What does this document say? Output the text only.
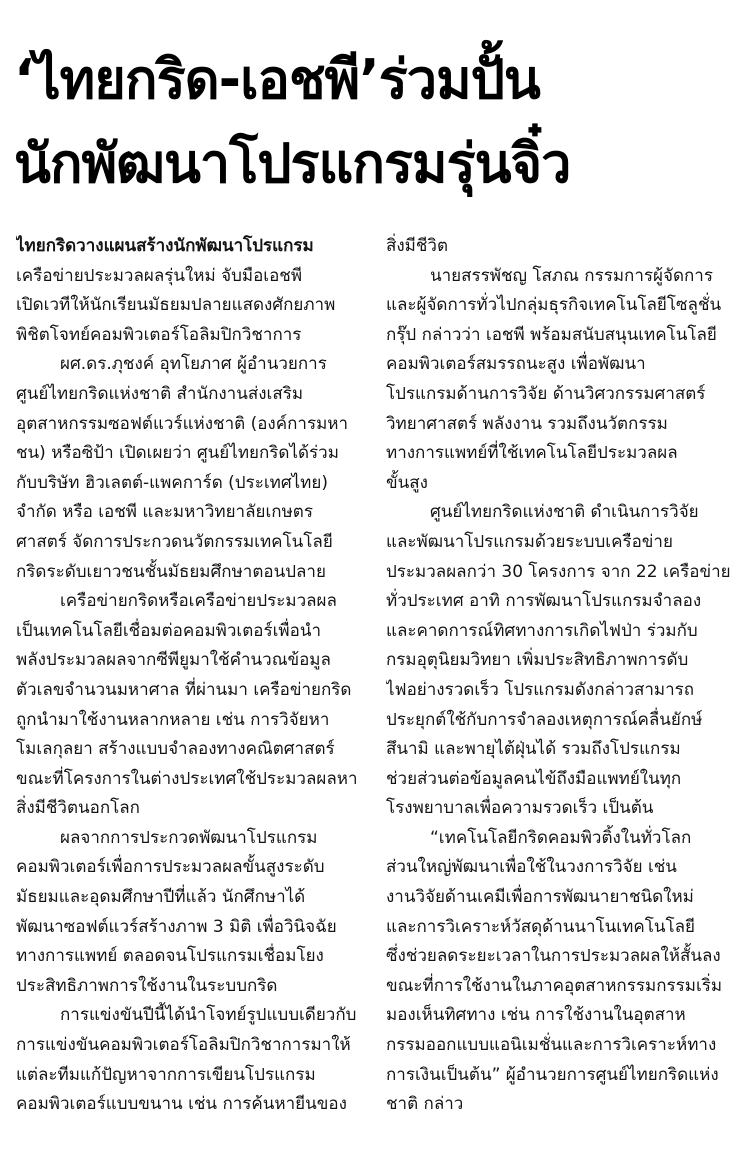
‘ไทยกริด-เอชพี’ร่วมปั้น
นักพัฒนาโปรแกรมรุ่นจิ๋ว
ไทยกริดวางแผนสร้างนักพัฒนาโปรแกรม
เครือข่ายประมวลผลรุ่นใหม่ จับมือเอชพี
เปิดเวทีให้นักเรียนมัธยมปลายแสดงศักยภาพ
พิชิตโจทย์คอมพิวเตอร์โอลิมปิกวิชาการ
ผศ.ดร.ภุชงค์ อุทโยภาศ ผู้อำนวยการ
ศูนย์ไทยกริดแห่งชาติ สำนักงานส่งเสริม
อุตสาหกรรมซอฟต์แวร์แห่งชาติ (องค์การมหา
ชน) หรือซิป้า เปิดเผยว่า ศูนย์ไทยกริดได้ร่วม
กับบริษัท ฮิวเลตต์-แพคการ์ด (ประเทศไทย)
จำกัด หรือ เอชพี และมหาวิทยาลัยเกษตร
ศาสตร์ จัดการประกวดนวัตกรรมเทคโนโลยี
กริดระดับเยาวชนชั้นมัธยมศึกษาตอนปลาย
เครือข่ายกริดหรือเครือข่ายประมวลผล
เป็นเทคโนโลยีเชื่อมต่อคอมพิวเตอร์เพื่อนำ
พลังประมวลผลจากซีพียูมาใช้คำนวณข้อมูล
ตัวเลขจำนวนมหาศาล ที่ผ่านมา เครือข่ายกริด
ถูกนำมาใช้งานหลากหลาย เช่น การวิจัยหา
โมเลกุลยา สร้างแบบจำลองทางคณิตศาสตร์
ขณะที่โครงการในต่างประเทศใช้ประมวลผลหา
สิ่งมีชีวิตนอกโลก
ผลจากการประกวดพัฒนาโปรแกรม
คอมพิวเตอร์เพื่อการประมวลผลขั้นสูงระดับ
มัธยมและอุดมศึกษาปีที่แล้ว นักศึกษาได้
พัฒนาซอฟต์แวร์สร้างภาพ 3 มิติ เพื่อวินิจฉัย
ทางการแพทย์ ตลอดจนโปรแกรมเชื่อมโยง
ประสิทธิภาพการใช้งานในระบบกริด
การแข่งขันปีนี้ได้นำโจทย์รูปแบบเดียวกับ
การแข่งขันคอมพิวเตอร์โอลิมปิกวิชาการมาให้
แต่ละทีมแก้ปัญหาจากการเขียนโปรแกรม
คอมพิวเตอร์แบบขนาน เช่น การค้นหายีนของ
สิ่งมีชีวิต
นายสรรพัชญ โสภณ กรรมการผู้จัดการ
และผู้จัดการทั่วไปกลุ่มธุรกิจเทคโนโลยีโซลูชั่น
กรุ๊ป กล่าวว่า เอชพี พร้อมสนับสนุนเทคโนโลยี
คอมพิวเตอร์สมรรถนะสูง เพื่อพัฒนา
โปรแกรมด้านการวิจัย ด้านวิศวกรรมศาสตร์
วิทยาศาสตร์ พลังงาน รวมถึงนวัตกรรม
ทางการแพทย์ที่ใช้เทคโนโลยีประมวลผล
ขั้นสูง
ศูนย์ไทยกริดแห่งชาติ ดำเนินการวิจัย
และพัฒนาโปรแกรมด้วยระบบเครือข่าย
ประมวลผลกว่า 30 โครงการ จาก 22 เครือข่าย
ทั่วประเทศ อาทิ การพัฒนาโปรแกรมจำลอง
และคาดการณ์ทิศทางการเกิดไฟป่า ร่วมกับ
กรมอุตุนิยมวิทยา เพิ่มประสิทธิภาพการดับ
ไฟอย่างรวดเร็ว โปรแกรมดังกล่าวสามารถ
ประยุกต์ใช้กับการจำลองเหตุการณ์คลื่นยักษ์
สึนามิ และพายุไต้ฝุ่นได้ รวมถึงโปรแกรม
ช่วยส่วนต่อข้อมูลคนไข้ถึงมือแพทย์ในทุก
โรงพยาบาลเพื่อความรวดเร็ว เป็นต้น
“เทคโนโลยีกริดคอมพิวติ้งในทั่วโลก
ส่วนใหญ่พัฒนาเพื่อใช้ในวงการวิจัย เช่น
งานวิจัยด้านเคมีเพื่อการพัฒนายาชนิดใหม่
และการวิเคราะห์วัสดุด้านนาโนเทคโนโลยี
ซึ่งช่วยลดระยะเวลาในการประมวลผลให้สั้นลง
ขณะที่การใช้งานในภาคอุตสาหกรรมกรรมเริ่ม
มองเห็นทิศทาง เช่น การใช้งานในอุตสาห
กรรมออกแบบแอนิเมชั่นและการวิเคราะห์ทาง
การเงินเป็นต้น” ผู้อำนวยการศูนย์ไทยกริดแห่ง
ชาติ กล่าว
